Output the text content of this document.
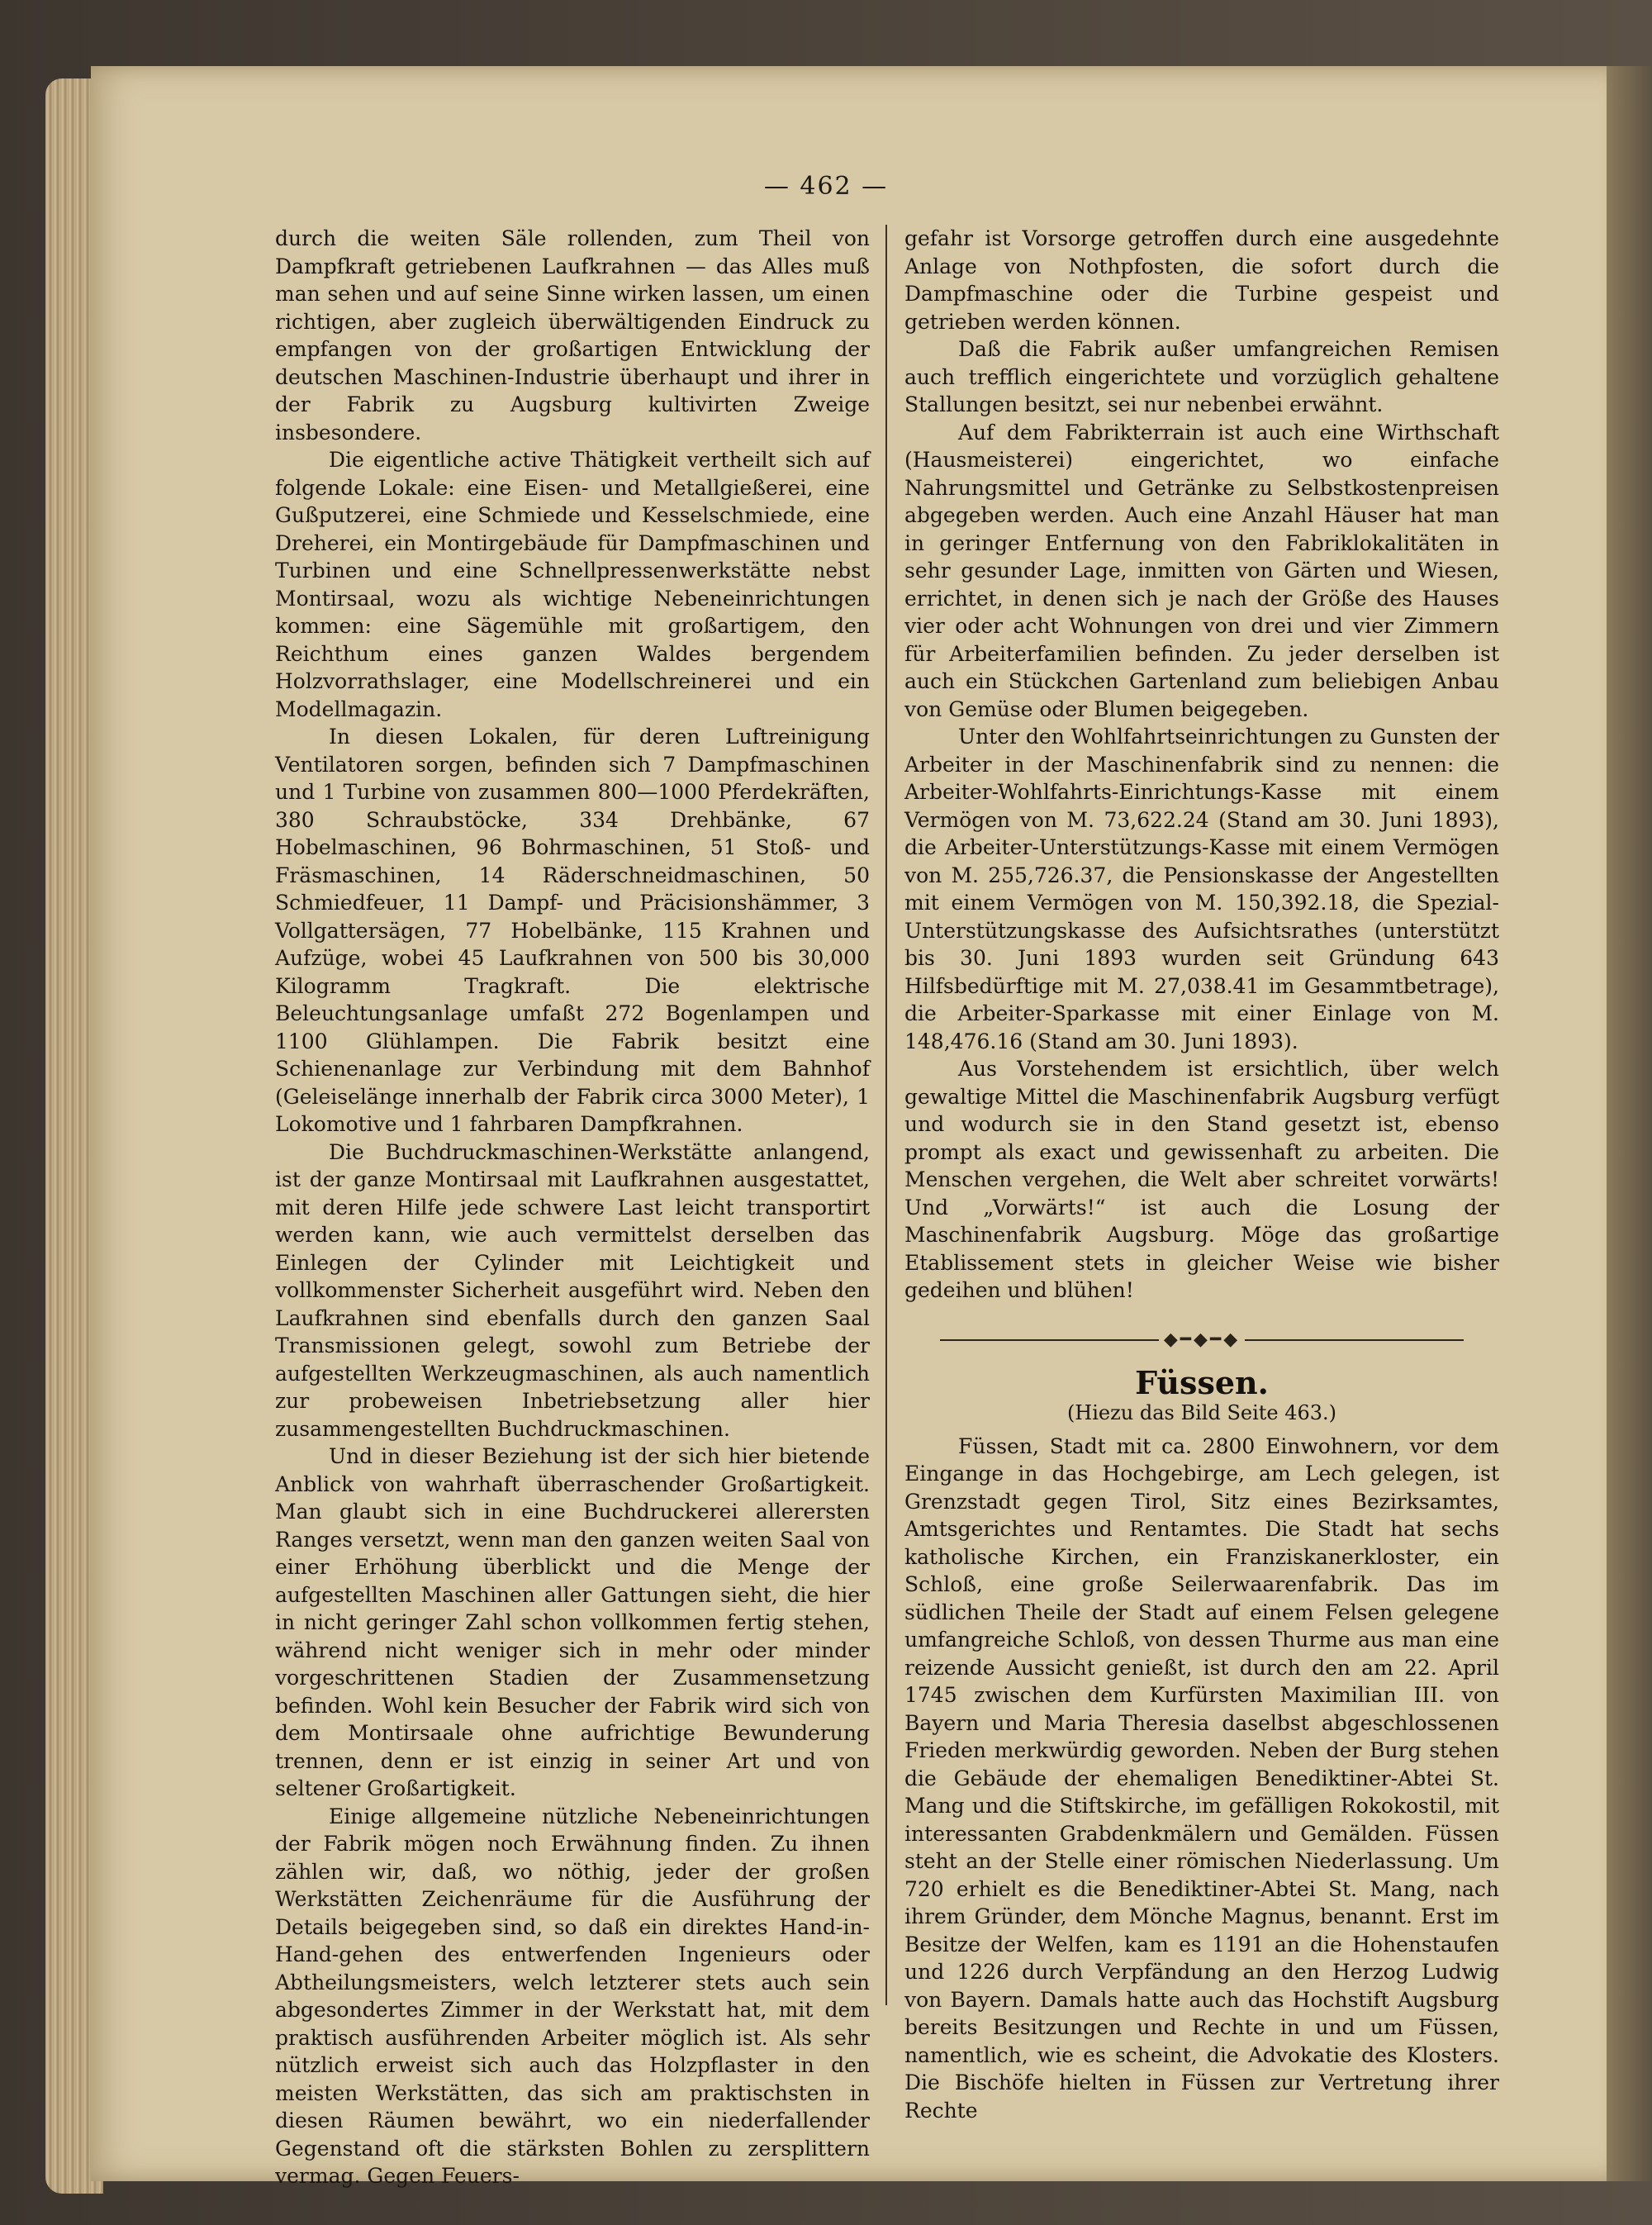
— 462 —

durch die weiten Säle rollenden, zum Theil von Dampfkraft getriebenen Laufkrahnen — das Alles muß man sehen und auf seine Sinne wirken lassen, um einen richtigen, aber zugleich überwältigenden Eindruck zu empfangen von der großartigen Entwicklung der deutschen Maschinen-Industrie überhaupt und ihrer in der Fabrik zu Augsburg kultivirten Zweige insbesondere.

Die eigentliche active Thätigkeit vertheilt sich auf folgende Lokale: eine Eisen- und Metallgießerei, eine Gußputzerei, eine Schmiede und Kesselschmiede, eine Dreherei, ein Montirgebäude für Dampfmaschinen und Turbinen und eine Schnellpressenwerkstätte nebst Montirsaal, wozu als wichtige Nebeneinrichtungen kommen: eine Sägemühle mit großartigem, den Reichthum eines ganzen Waldes bergendem Holzvorrathslager, eine Modellschreinerei und ein Modellmagazin.

In diesen Lokalen, für deren Luftreinigung Ventilatoren sorgen, befinden sich 7 Dampfmaschinen und 1 Turbine von zusammen 800—1000 Pferdekräften, 380 Schraubstöcke, 334 Drehbänke, 67 Hobelmaschinen, 96 Bohrmaschinen, 51 Stoß- und Fräsmaschinen, 14 Räderschneidmaschinen, 50 Schmiedfeuer, 11 Dampf- und Präcisionshämmer, 3 Vollgattersägen, 77 Hobelbänke, 115 Krahnen und Aufzüge, wobei 45 Laufkrahnen von 500 bis 30,000 Kilogramm Tragkraft. Die elektrische Beleuchtungsanlage umfaßt 272 Bogenlampen und 1100 Glühlampen. Die Fabrik besitzt eine Schienenanlage zur Verbindung mit dem Bahnhof (Geleiselänge innerhalb der Fabrik circa 3000 Meter), 1 Lokomotive und 1 fahrbaren Dampfkrahnen.

Die Buchdruckmaschinen-Werkstätte anlangend, ist der ganze Montirsaal mit Laufkrahnen ausgestattet, mit deren Hilfe jede schwere Last leicht transportirt werden kann, wie auch vermittelst derselben das Einlegen der Cylinder mit Leichtigkeit und vollkommenster Sicherheit ausgeführt wird. Neben den Laufkrahnen sind ebenfalls durch den ganzen Saal Transmissionen gelegt, sowohl zum Betriebe der aufgestellten Werkzeugmaschinen, als auch namentlich zur probeweisen Inbetriebsetzung aller hier zusammengestellten Buchdruckmaschinen.

Und in dieser Beziehung ist der sich hier bietende Anblick von wahrhaft überraschender Großartigkeit. Man glaubt sich in eine Buchdruckerei allerersten Ranges versetzt, wenn man den ganzen weiten Saal von einer Erhöhung überblickt und die Menge der aufgestellten Maschinen aller Gattungen sieht, die hier in nicht geringer Zahl schon vollkommen fertig stehen, während nicht weniger sich in mehr oder minder vorgeschrittenen Stadien der Zusammensetzung befinden. Wohl kein Besucher der Fabrik wird sich von dem Montirsaale ohne aufrichtige Bewunderung trennen, denn er ist einzig in seiner Art und von seltener Großartigkeit.

Einige allgemeine nützliche Nebeneinrichtungen der Fabrik mögen noch Erwähnung finden. Zu ihnen zählen wir, daß, wo nöthig, jeder der großen Werkstätten Zeichenräume für die Ausführung der Details beigegeben sind, so daß ein direktes Hand-in-Hand-gehen des entwerfenden Ingenieurs oder Abtheilungsmeisters, welch letzterer stets auch sein abgesondertes Zimmer in der Werkstatt hat, mit dem praktisch ausführenden Arbeiter möglich ist. Als sehr nützlich erweist sich auch das Holzpflaster in den meisten Werkstätten, das sich am praktischsten in diesen Räumen bewährt, wo ein niederfallender Gegenstand oft die stärksten Bohlen zu zersplittern vermag. Gegen Feuers-

gefahr ist Vorsorge getroffen durch eine ausgedehnte Anlage von Nothpfosten, die sofort durch die Dampfmaschine oder die Turbine gespeist und getrieben werden können.

Daß die Fabrik außer umfangreichen Remisen auch trefflich eingerichtete und vorzüglich gehaltene Stallungen besitzt, sei nur nebenbei erwähnt.

Auf dem Fabrikterrain ist auch eine Wirthschaft (Hausmeisterei) eingerichtet, wo einfache Nahrungsmittel und Getränke zu Selbstkostenpreisen abgegeben werden. Auch eine Anzahl Häuser hat man in geringer Entfernung von den Fabriklokalitäten in sehr gesunder Lage, inmitten von Gärten und Wiesen, errichtet, in denen sich je nach der Größe des Hauses vier oder acht Wohnungen von drei und vier Zimmern für Arbeiterfamilien befinden. Zu jeder derselben ist auch ein Stückchen Gartenland zum beliebigen Anbau von Gemüse oder Blumen beigegeben.

Unter den Wohlfahrtseinrichtungen zu Gunsten der Arbeiter in der Maschinenfabrik sind zu nennen: die Arbeiter-Wohlfahrts-Einrichtungs-Kasse mit einem Vermögen von M. 73,622.24 (Stand am 30. Juni 1893), die Arbeiter-Unterstützungs-Kasse mit einem Vermögen von M. 255,726.37, die Pensionskasse der Angestellten mit einem Vermögen von M. 150,392.18, die Spezial-Unterstützungskasse des Aufsichtsrathes (unterstützt bis 30. Juni 1893 wurden seit Gründung 643 Hilfsbedürftige mit M. 27,038.41 im Gesammtbetrage), die Arbeiter-Sparkasse mit einer Einlage von M. 148,476.16 (Stand am 30. Juni 1893).

Aus Vorstehendem ist ersichtlich, über welch gewaltige Mittel die Maschinenfabrik Augsburg verfügt und wodurch sie in den Stand gesetzt ist, ebenso prompt als exact und gewissenhaft zu arbeiten. Die Menschen vergehen, die Welt aber schreitet vorwärts! Und „Vorwärts!“ ist auch die Losung der Maschinenfabrik Augsburg. Möge das großartige Etablissement stets in gleicher Weise wie bisher gedeihen und blühen!

◆━◆━◆
Füssen.
(Hiezu das Bild Seite 463.)

Füssen, Stadt mit ca. 2800 Einwohnern, vor dem Eingange in das Hochgebirge, am Lech gelegen, ist Grenzstadt gegen Tirol, Sitz eines Bezirksamtes, Amtsgerichtes und Rentamtes. Die Stadt hat sechs katholische Kirchen, ein Franziskanerkloster, ein Schloß, eine große Seilerwaarenfabrik. Das im südlichen Theile der Stadt auf einem Felsen gelegene umfangreiche Schloß, von dessen Thurme aus man eine reizende Aussicht genießt, ist durch den am 22. April 1745 zwischen dem Kurfürsten Maximilian III. von Bayern und Maria Theresia daselbst abgeschlossenen Frieden merkwürdig geworden. Neben der Burg stehen die Gebäude der ehemaligen Benediktiner-Abtei St. Mang und die Stiftskirche, im gefälligen Rokokostil, mit interessanten Grabdenkmälern und Gemälden. Füssen steht an der Stelle einer römischen Niederlassung. Um 720 erhielt es die Benediktiner-Abtei St. Mang, nach ihrem Gründer, dem Mönche Magnus, benannt. Erst im Besitze der Welfen, kam es 1191 an die Hohenstaufen und 1226 durch Verpfändung an den Herzog Ludwig von Bayern. Damals hatte auch das Hochstift Augsburg bereits Besitzungen und Rechte in und um Füssen, namentlich, wie es scheint, die Advokatie des Klosters. Die Bischöfe hielten in Füssen zur Vertretung ihrer Rechte
